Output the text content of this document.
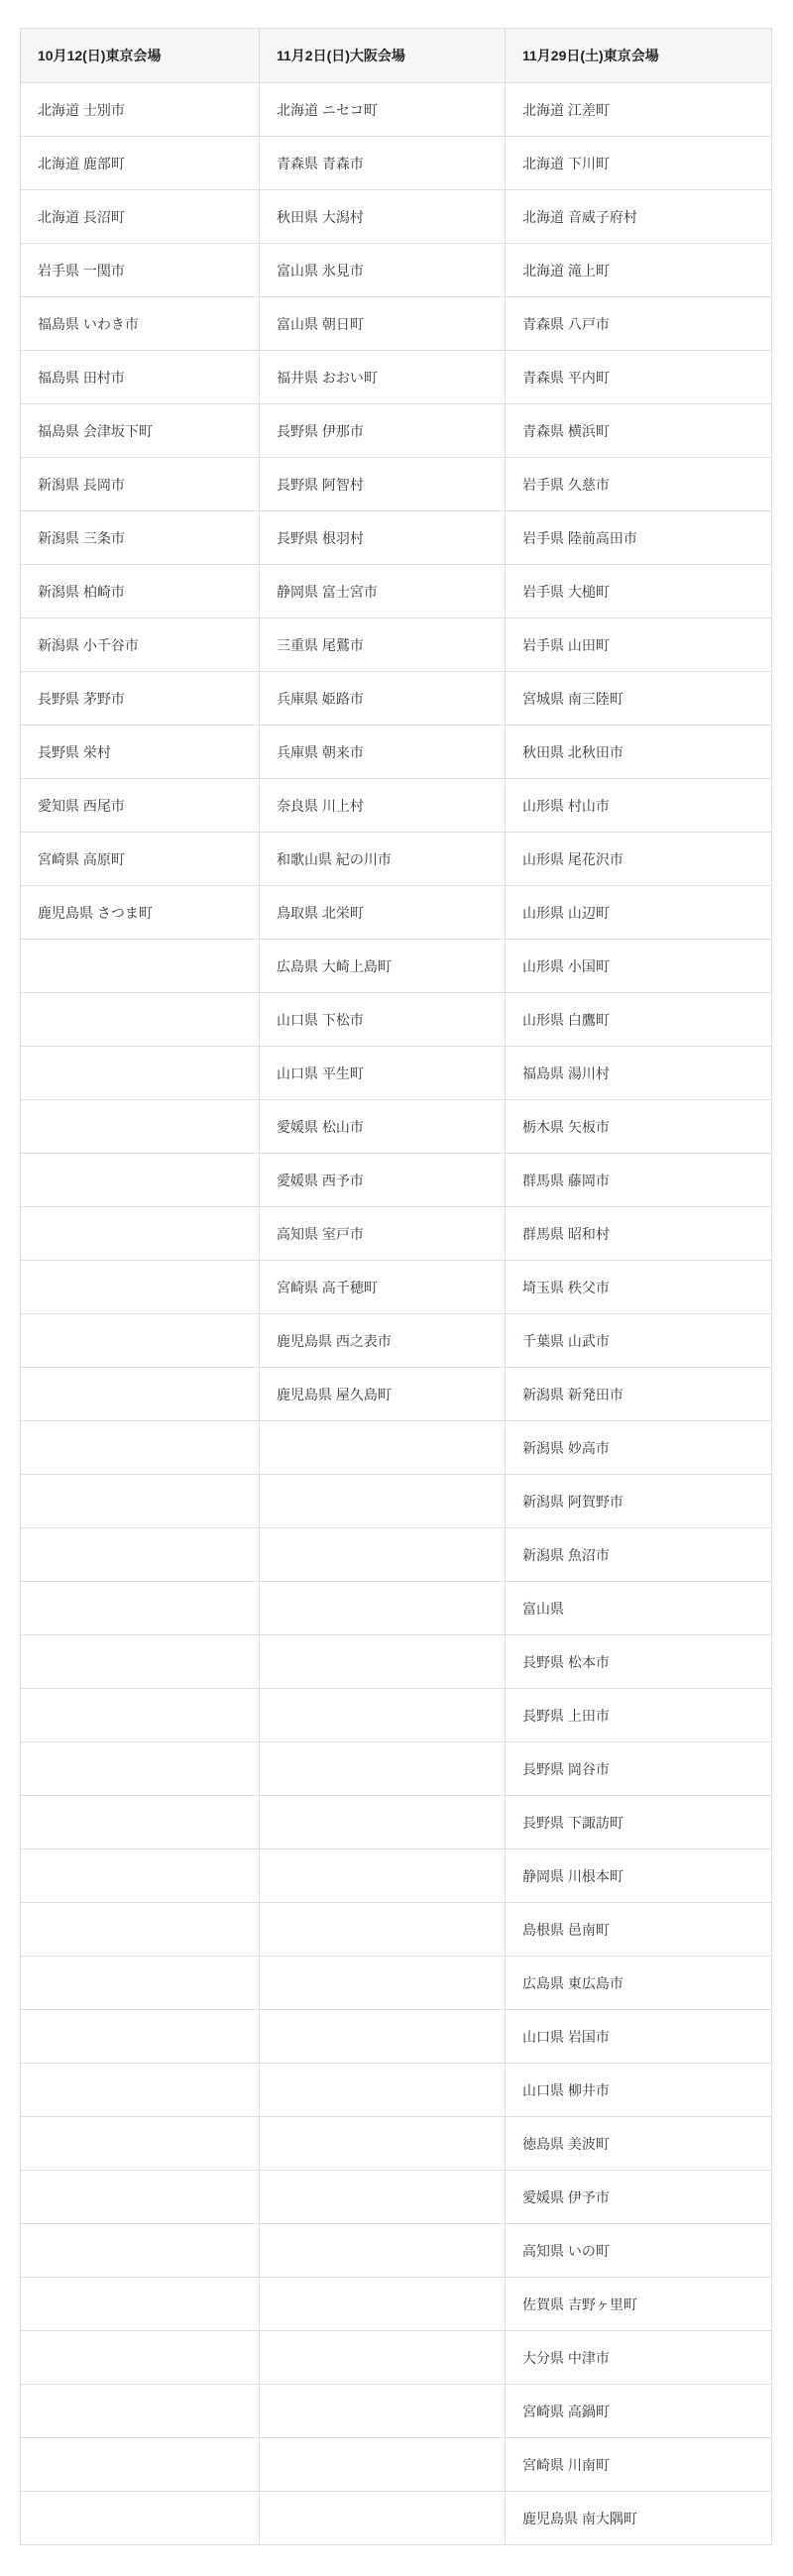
10月12(日)東京会場	11月2日(日)大阪会場	11月29日(土)東京会場
北海道 士別市	北海道 ニセコ町	北海道 江差町
北海道 鹿部町	青森県 青森市	北海道 下川町
北海道 長沼町	秋田県 大潟村	北海道 音威子府村
岩手県 一関市	富山県 氷見市	北海道 滝上町
福島県 いわき市	富山県 朝日町	青森県 八戸市
福島県 田村市	福井県 おおい町	青森県 平内町
福島県 会津坂下町	長野県 伊那市	青森県 横浜町
新潟県 長岡市	長野県 阿智村	岩手県 久慈市
新潟県 三条市	長野県 根羽村	岩手県 陸前高田市
新潟県 柏崎市	静岡県 富士宮市	岩手県 大槌町
新潟県 小千谷市	三重県 尾鷲市	岩手県 山田町
長野県 茅野市	兵庫県 姫路市	宮城県 南三陸町
長野県 栄村	兵庫県 朝来市	秋田県 北秋田市
愛知県 西尾市	奈良県 川上村	山形県 村山市
宮崎県 高原町	和歌山県 紀の川市	山形県 尾花沢市
鹿児島県 さつま町	鳥取県 北栄町	山形県 山辺町
	広島県 大崎上島町	山形県 小国町
	山口県 下松市	山形県 白鷹町
	山口県 平生町	福島県 湯川村
	愛媛県 松山市	栃木県 矢板市
	愛媛県 西予市	群馬県 藤岡市
	高知県 室戸市	群馬県 昭和村
	宮崎県 高千穂町	埼玉県 秩父市
	鹿児島県 西之表市	千葉県 山武市
	鹿児島県 屋久島町	新潟県 新発田市
		新潟県 妙高市
		新潟県 阿賀野市
		新潟県 魚沼市
		富山県
		長野県 松本市
		長野県 上田市
		長野県 岡谷市
		長野県 下諏訪町
		静岡県 川根本町
		島根県 邑南町
		広島県 東広島市
		山口県 岩国市
		山口県 柳井市
		徳島県 美波町
		愛媛県 伊予市
		高知県 いの町
		佐賀県 吉野ヶ里町
		大分県 中津市
		宮崎県 高鍋町
		宮崎県 川南町
		鹿児島県 南大隅町
